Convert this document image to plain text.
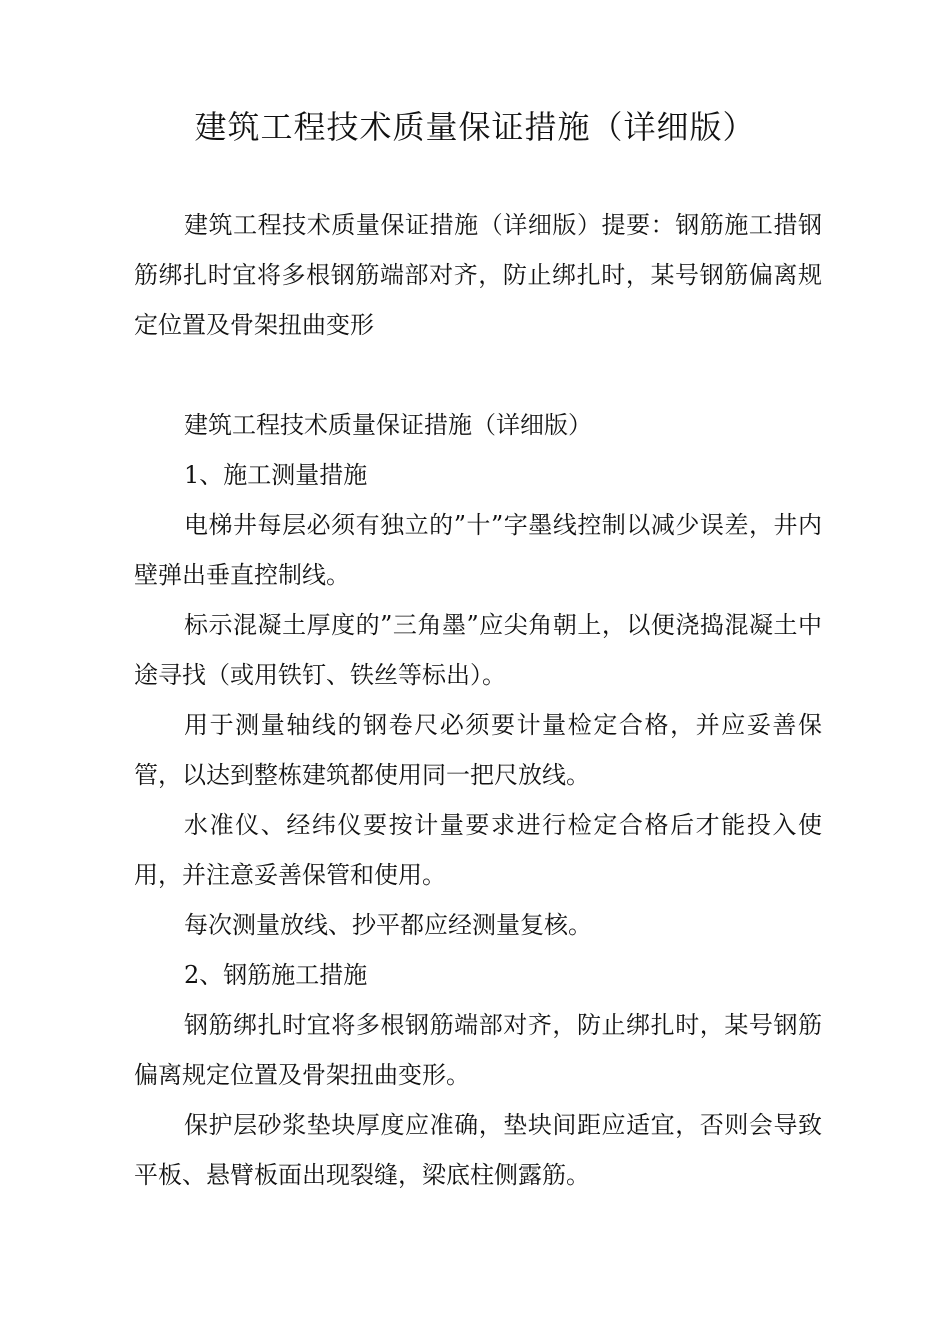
建筑工程技术质量保证措施（详细版）

建筑工程技术质量保证措施（详细版）提要：钢筋施工措钢筋绑扎时宜将多根钢筋端部对齐，防止绑扎时，某号钢筋偏离规定位置及骨架扭曲变形

建筑工程技术质量保证措施（详细版）

1、施工测量措施

电梯井每层必须有独立的”十”字墨线控制以减少误差，井内壁弹出垂直控制线。

标示混凝土厚度的”三角墨”应尖角朝上，以便浇捣混凝土中途寻找（或用铁钉、铁丝等标出）。

用于测量轴线的钢卷尺必须要计量检定合格，并应妥善保管，以达到整栋建筑都使用同一把尺放线。

水准仪、经纬仪要按计量要求进行检定合格后才能投入使用，并注意妥善保管和使用。

每次测量放线、抄平都应经测量复核。

2、钢筋施工措施

钢筋绑扎时宜将多根钢筋端部对齐，防止绑扎时，某号钢筋偏离规定位置及骨架扭曲变形。

保护层砂浆垫块厚度应准确，垫块间距应适宜，否则会导致平板、悬臂板面出现裂缝，梁底柱侧露筋。
